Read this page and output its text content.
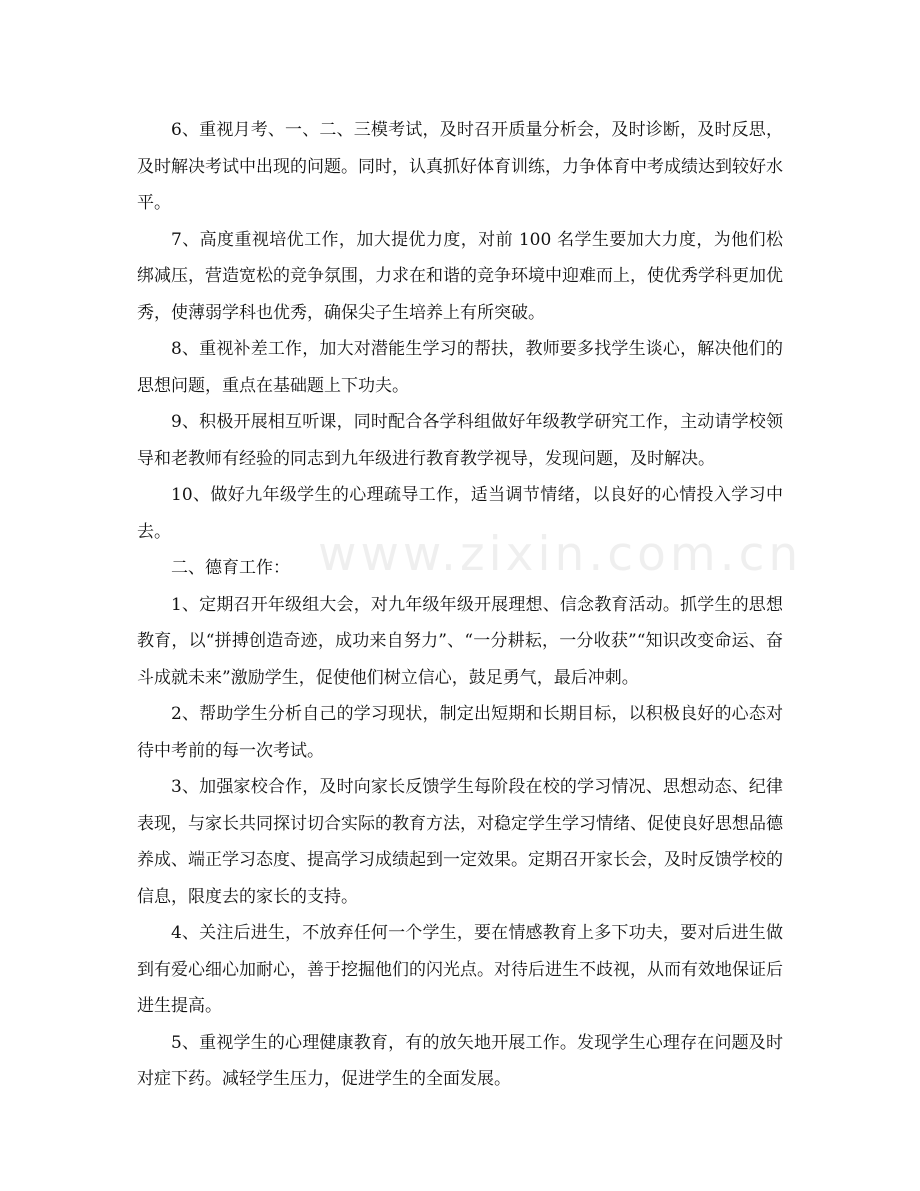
6、重视月考、一、二、三模考试，及时召开质量分析会，及时诊断，及时反思，及时解决考试中出现的问题。同时，认真抓好体育训练，力争体育中考成绩达到较好水平。

7、高度重视培优工作，加大提优力度，对前 100 名学生要加大力度，为他们松绑减压，营造宽松的竞争氛围，力求在和谐的竞争环境中迎难而上，使优秀学科更加优秀，使薄弱学科也优秀，确保尖子生培养上有所突破。

8、重视补差工作，加大对潜能生学习的帮扶，教师要多找学生谈心，解决他们的思想问题，重点在基础题上下功夫。

9、积极开展相互听课，同时配合各学科组做好年级教学研究工作，主动请学校领导和老教师有经验的同志到九年级进行教育教学视导，发现问题，及时解决。

10、做好九年级学生的心理疏导工作，适当调节情绪，以良好的心情投入学习中去。

二、德育工作：

1、定期召开年级组大会，对九年级年级开展理想、信念教育活动。抓学生的思想教育，以“拼搏创造奇迹，成功来自努力”、“一分耕耘，一分收获”“知识改变命运、奋斗成就未来”激励学生，促使他们树立信心，鼓足勇气，最后冲刺。

2、帮助学生分析自己的学习现状，制定出短期和长期目标，以积极良好的心态对待中考前的每一次考试。

3、加强家校合作，及时向家长反馈学生每阶段在校的学习情况、思想动态、纪律表现，与家长共同探讨切合实际的教育方法，对稳定学生学习情绪、促使良好思想品德养成、端正学习态度、提高学习成绩起到一定效果。定期召开家长会，及时反馈学校的信息，限度去的家长的支持。

4、关注后进生，不放弃任何一个学生，要在情感教育上多下功夫，要对后进生做到有爱心细心加耐心，善于挖掘他们的闪光点。对待后进生不歧视，从而有效地保证后进生提高。

5、重视学生的心理健康教育，有的放矢地开展工作。发现学生心理存在问题及时对症下药。减轻学生压力，促进学生的全面发展。

www.zixin.com.cn
